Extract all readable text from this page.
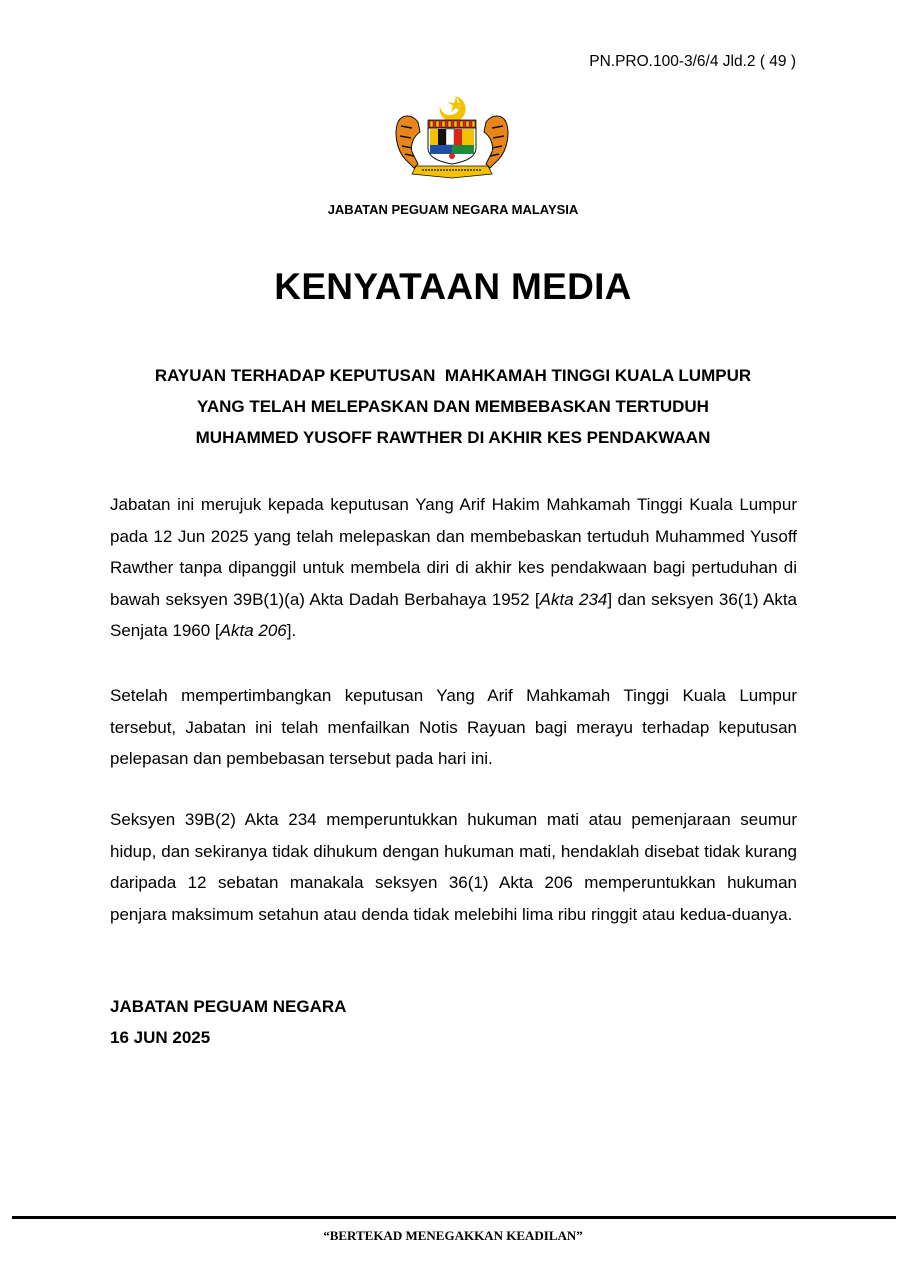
PN.PRO.100-3/6/4 Jld.2 ( 49 )
JABATAN PEGUAM NEGARA MALAYSIA
KENYATAAN MEDIA
RAYUAN TERHADAP KEPUTUSAN  MAHKAMAH TINGGI KUALA LUMPUR
YANG TELAH MELEPASKAN DAN MEMBEBASKAN TERTUDUH
MUHAMMED YUSOFF RAWTHER DI AKHIR KES PENDAKWAAN

Jabatan ini merujuk kepada keputusan Yang Arif Hakim Mahkamah Tinggi Kuala Lumpur pada 12 Jun 2025 yang telah melepaskan dan membebaskan tertuduh Muhammed Yusoff Rawther tanpa dipanggil untuk membela diri di akhir kes pendakwaan bagi pertuduhan di bawah seksyen 39B(1)(a) Akta Dadah Berbahaya 1952 [Akta 234] dan seksyen 36(1) Akta Senjata 1960 [Akta 206].

Setelah mempertimbangkan keputusan Yang Arif Mahkamah Tinggi Kuala Lumpur tersebut, Jabatan ini telah menfailkan Notis Rayuan bagi merayu terhadap keputusan pelepasan dan pembebasan tersebut pada hari ini.

Seksyen 39B(2) Akta 234 memperuntukkan hukuman mati atau pemenjaraan seumur hidup, dan sekiranya tidak dihukum dengan hukuman mati, hendaklah disebat tidak kurang daripada 12 sebatan manakala seksyen 36(1) Akta 206 memperuntukkan hukuman penjara maksimum setahun atau denda tidak melebihi lima ribu ringgit atau kedua-duanya.

JABATAN PEGUAM NEGARA
16 JUN 2025
“BERTEKAD MENEGAKKAN KEADILAN”
